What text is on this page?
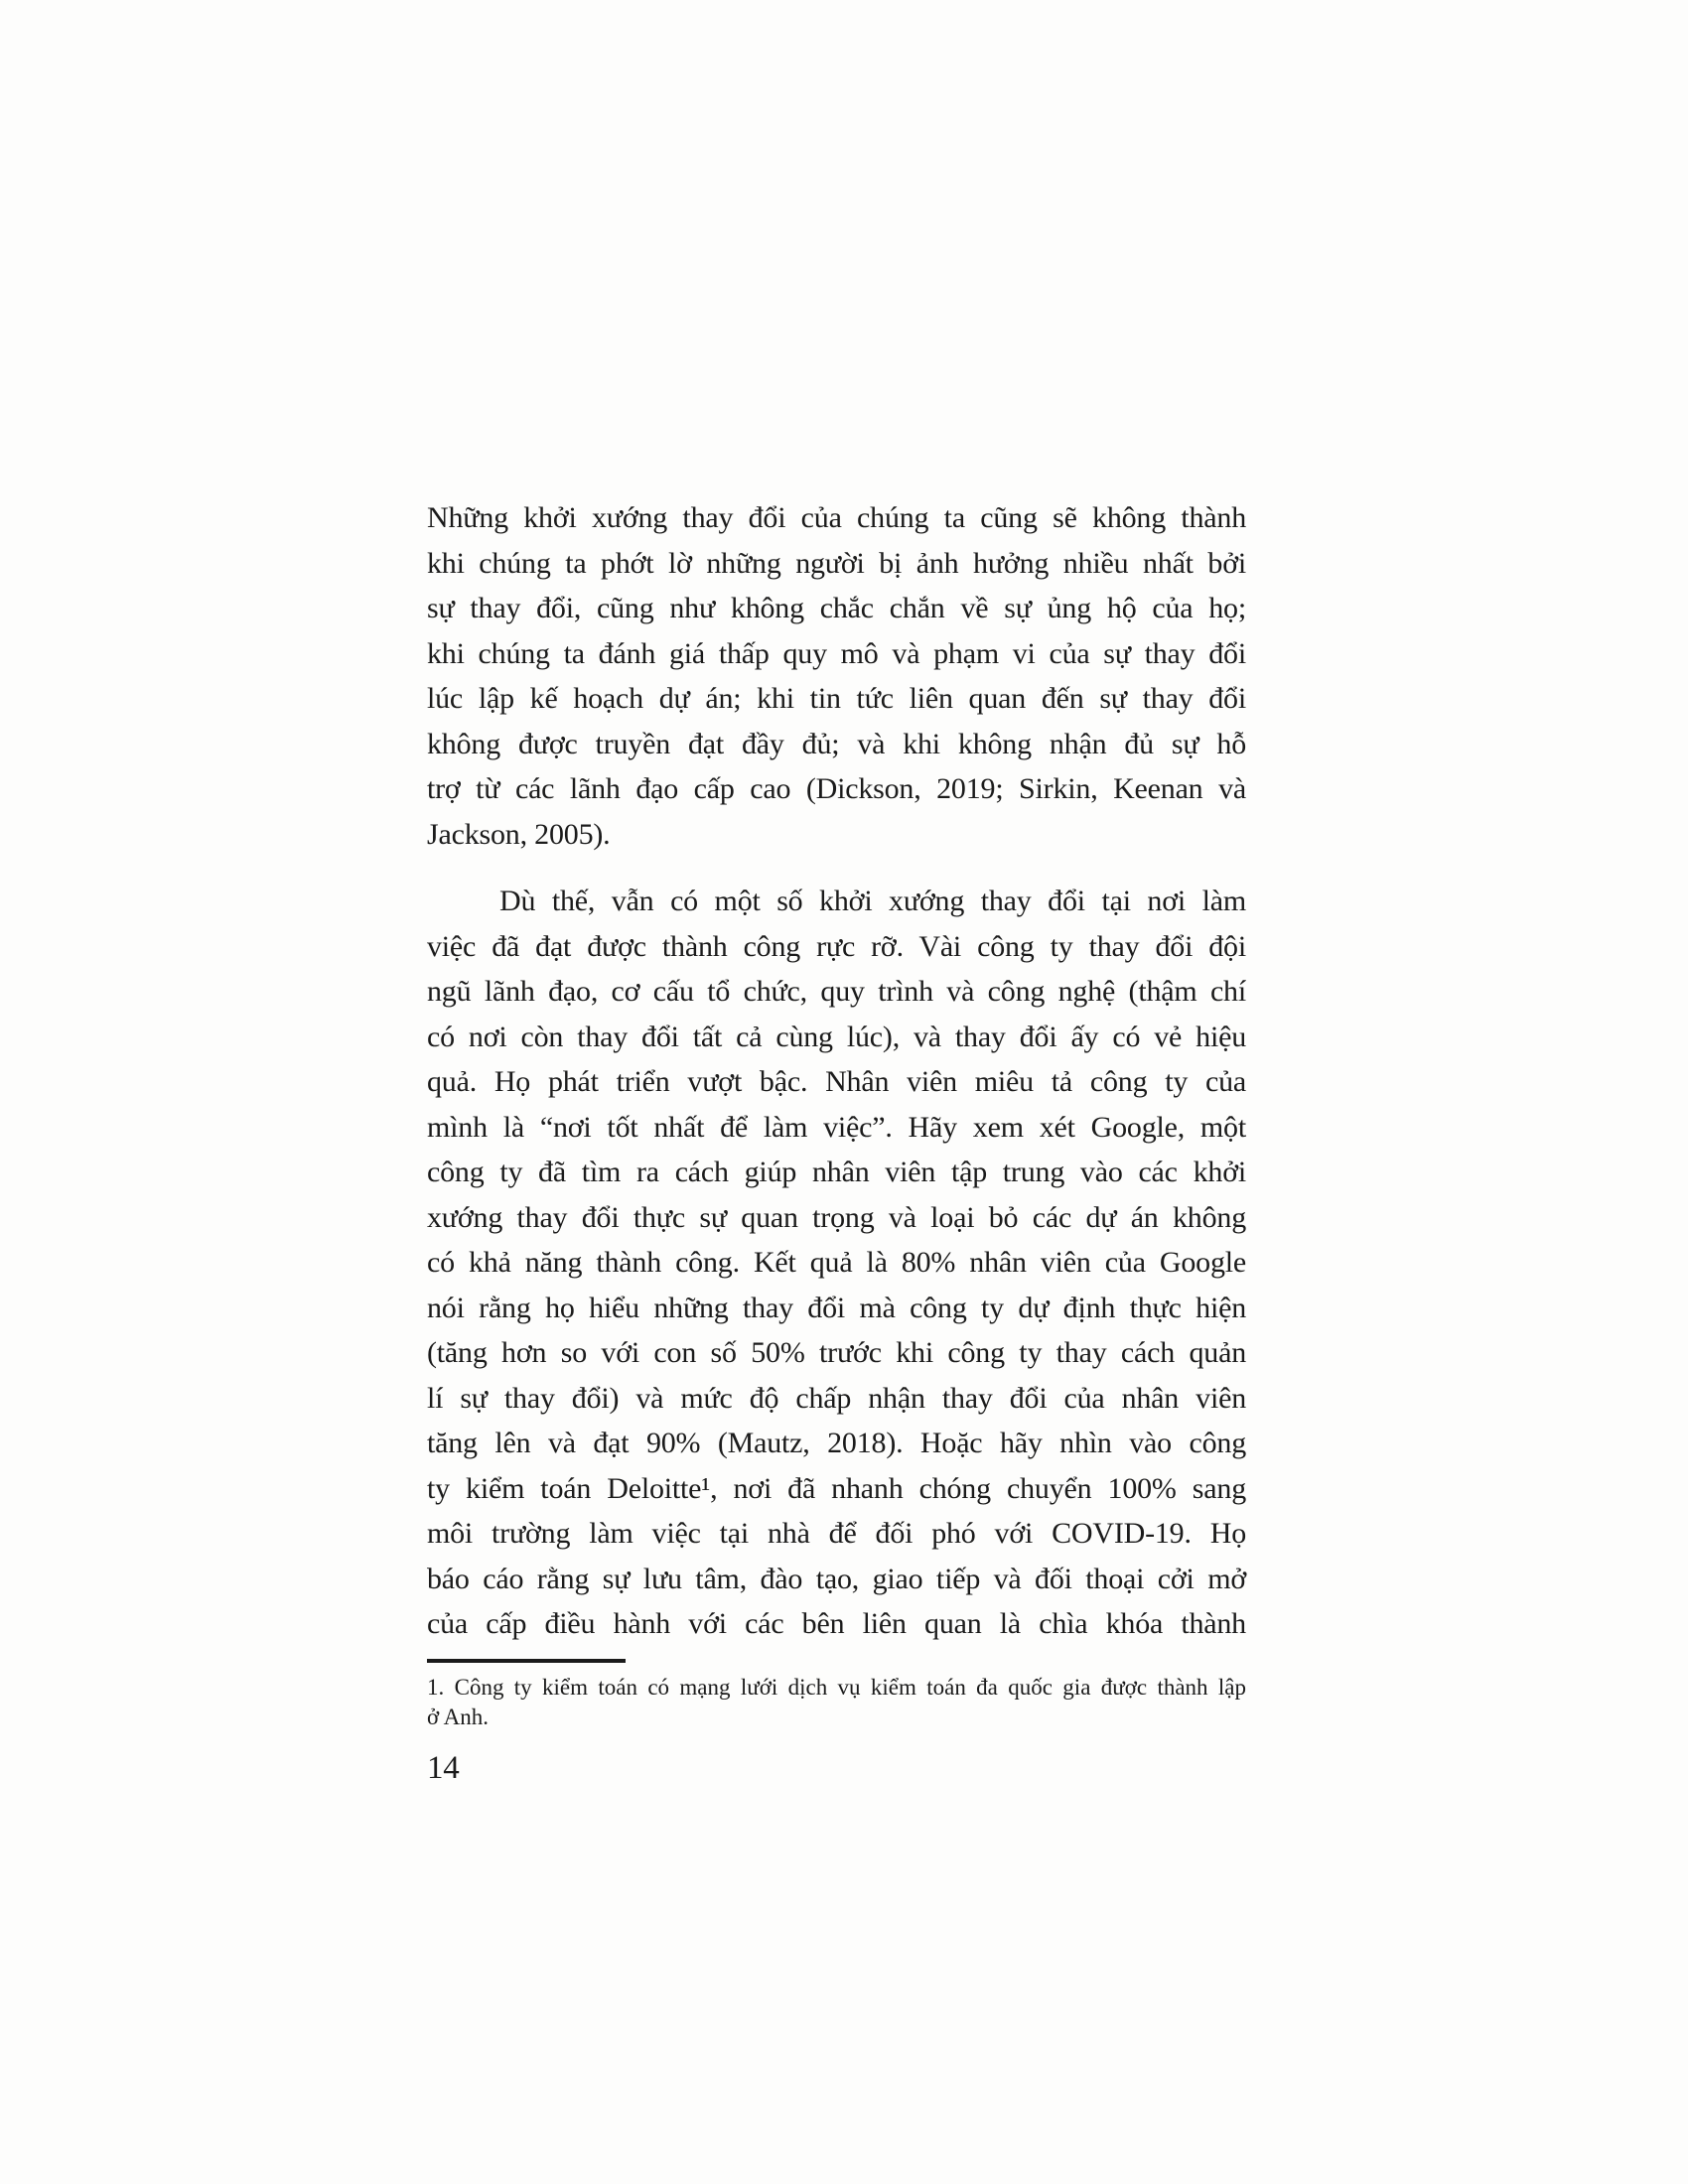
Những khởi xướng thay đổi của chúng ta cũng sẽ không thành
khi chúng ta phớt lờ những người bị ảnh hưởng nhiều nhất bởi
sự thay đổi, cũng như không chắc chắn về sự ủng hộ của họ;
khi chúng ta đánh giá thấp quy mô và phạm vi của sự thay đổi
lúc lập kế hoạch dự án; khi tin tức liên quan đến sự thay đổi
không được truyền đạt đầy đủ; và khi không nhận đủ sự hỗ
trợ từ các lãnh đạo cấp cao (Dickson, 2019; Sirkin, Keenan và
Jackson, 2005).
Dù thế, vẫn có một số khởi xướng thay đổi tại nơi làm
việc đã đạt được thành công rực rỡ. Vài công ty thay đổi đội
ngũ lãnh đạo, cơ cấu tổ chức, quy trình và công nghệ (thậm chí
có nơi còn thay đổi tất cả cùng lúc), và thay đổi ấy có vẻ hiệu
quả. Họ phát triển vượt bậc. Nhân viên miêu tả công ty của
mình là “nơi tốt nhất để làm việc”. Hãy xem xét Google, một
công ty đã tìm ra cách giúp nhân viên tập trung vào các khởi
xướng thay đổi thực sự quan trọng và loại bỏ các dự án không
có khả năng thành công. Kết quả là 80% nhân viên của Google
nói rằng họ hiểu những thay đổi mà công ty dự định thực hiện
(tăng hơn so với con số 50% trước khi công ty thay cách quản
lí sự thay đổi) và mức độ chấp nhận thay đổi của nhân viên
tăng lên và đạt 90% (Mautz, 2018). Hoặc hãy nhìn vào công
ty kiểm toán Deloitte¹, nơi đã nhanh chóng chuyển 100% sang
môi trường làm việc tại nhà để đối phó với COVID-19. Họ
báo cáo rằng sự lưu tâm, đào tạo, giao tiếp và đối thoại cởi mở
của cấp điều hành với các bên liên quan là chìa khóa thành
1. Công ty kiểm toán có mạng lưới dịch vụ kiểm toán đa quốc gia được thành lập
ở Anh.
14
